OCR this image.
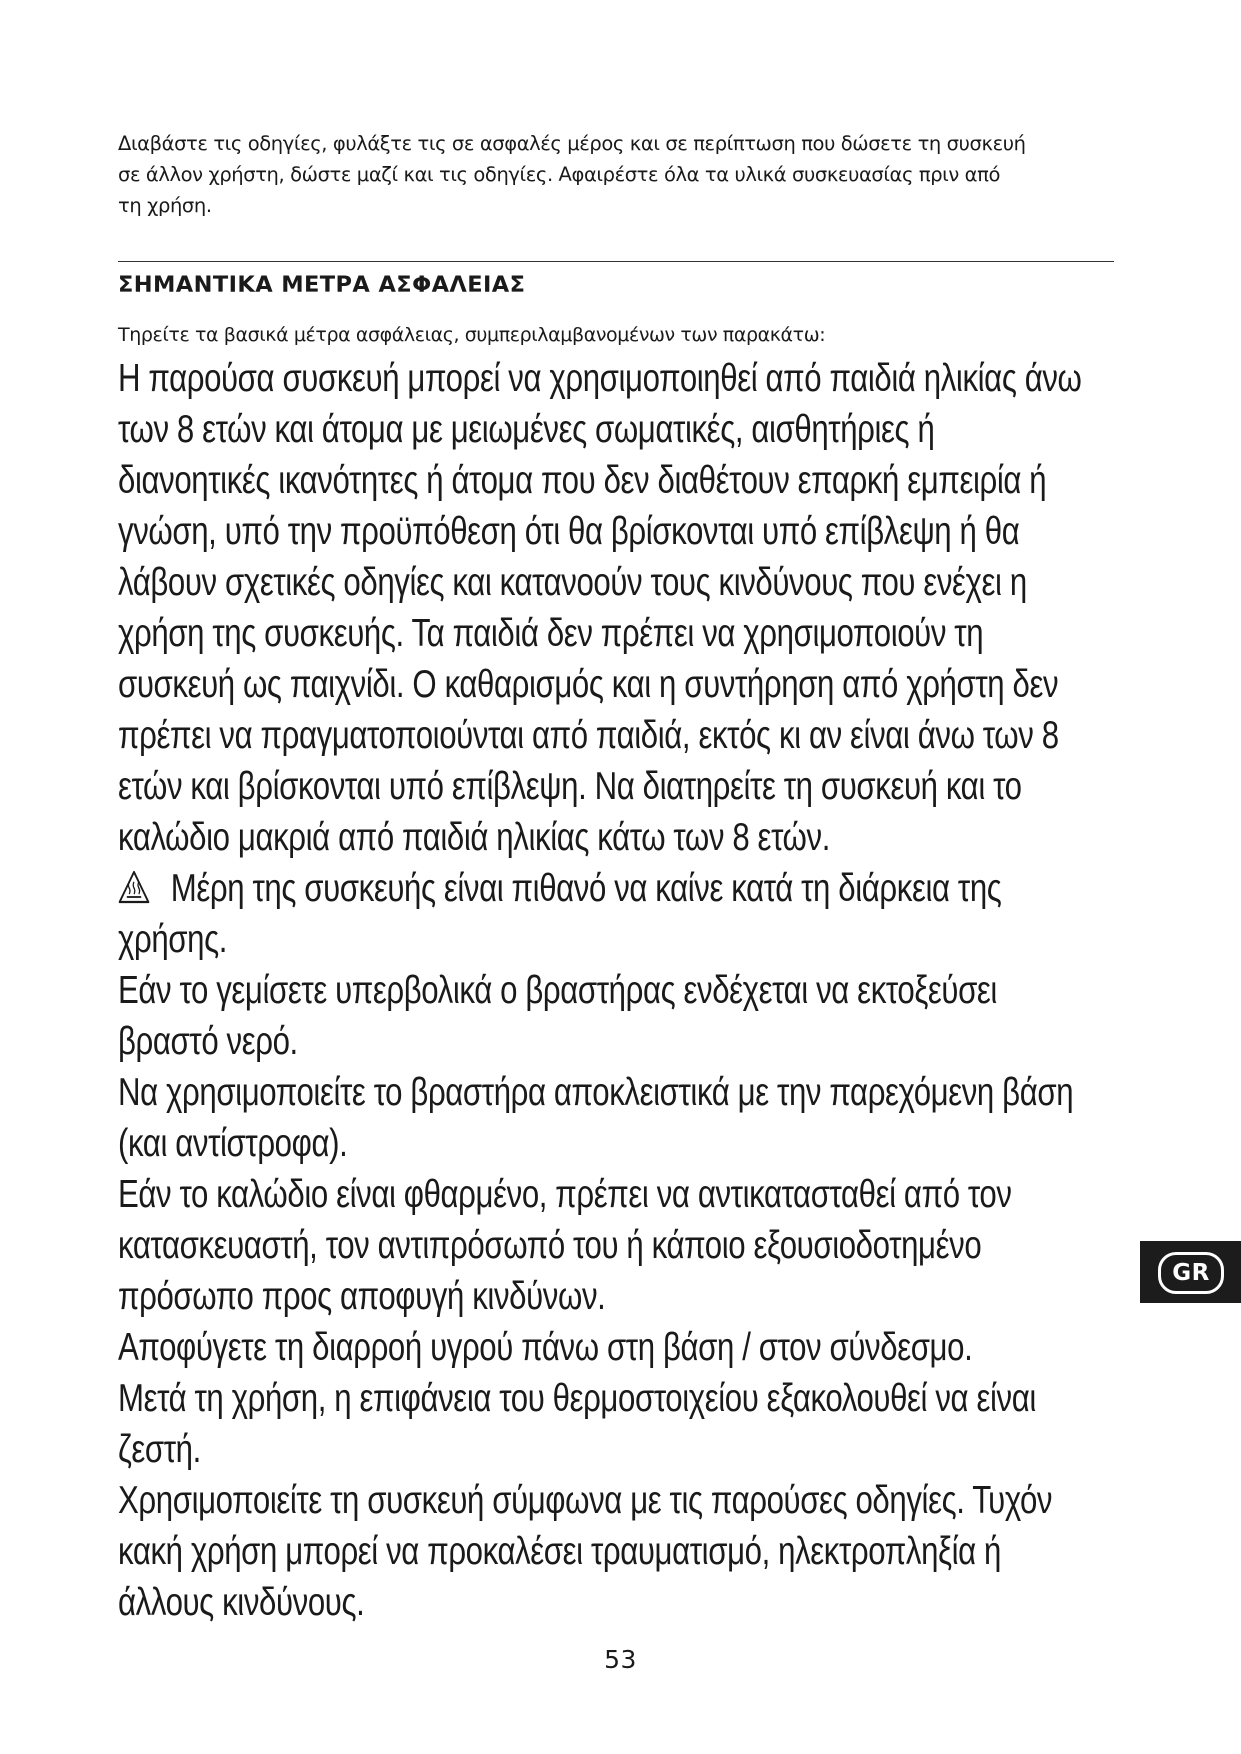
Διαβάστε τις οδηγίες, φυλάξτε τις σε ασφαλές μέρος και σε περίπτωση που δώσετε τη συσκευή
σε άλλον χρήστη, δώστε μαζί και τις οδηγίες. Αφαιρέστε όλα τα υλικά συσκευασίας πριν από
τη χρήση.
ΣΗΜΑΝΤΙΚΑ ΜΕΤΡΑ ΑΣΦΑΛΕΙΑΣ

Τηρείτε τα βασικά μέτρα ασφάλειας, συμπεριλαμβανομένων των παρακάτω:

Η παρούσα συσκευή μπορεί να χρησιμοποιηθεί από παιδιά ηλικίας άνω

των 8 ετών και άτομα με μειωμένες σωματικές, αισθητήριες ή

διανοητικές ικανότητες ή άτομα που δεν διαθέτουν επαρκή εμπειρία ή

γνώση, υπό την προϋπόθεση ότι θα βρίσκονται υπό επίβλεψη ή θα

λάβουν σχετικές οδηγίες και κατανοούν τους κινδύνους που ενέχει η

χρήση της συσκευής. Τα παιδιά δεν πρέπει να χρησιμοποιούν τη

συσκευή ως παιχνίδι. Ο καθαρισμός και η συντήρηση από χρήστη δεν

πρέπει να πραγματοποιούνται από παιδιά, εκτός κι αν είναι άνω των 8

ετών και βρίσκονται υπό επίβλεψη. Να διατηρείτε τη συσκευή και το

καλώδιο μακριά από παιδιά ηλικίας κάτω των 8 ετών.

Μέρη της συσκευής είναι πιθανό να καίνε κατά τη διάρκεια της

χρήσης.

Εάν το γεμίσετε υπερβολικά ο βραστήρας ενδέχεται να εκτοξεύσει

βραστό νερό.

Να χρησιμοποιείτε το βραστήρα αποκλειστικά με την παρεχόμενη βάση

(και αντίστροφα).

Εάν το καλώδιο είναι φθαρμένο, πρέπει να αντικατασταθεί από τον

κατασκευαστή, τον αντιπρόσωπό του ή κάποιο εξουσιοδοτημένο

πρόσωπο προς αποφυγή κινδύνων.

Αποφύγετε τη διαρροή υγρού πάνω στη βάση / στον σύνδεσμο.

Μετά τη χρήση, η επιφάνεια του θερμοστοιχείου εξακολουθεί να είναι

ζεστή.

Χρησιμοποιείτε τη συσκευή σύμφωνα με τις παρούσες οδηγίες. Τυχόν

κακή χρήση μπορεί να προκαλέσει τραυματισμό, ηλεκτροπληξία ή

άλλους κινδύνους.

GR

53
